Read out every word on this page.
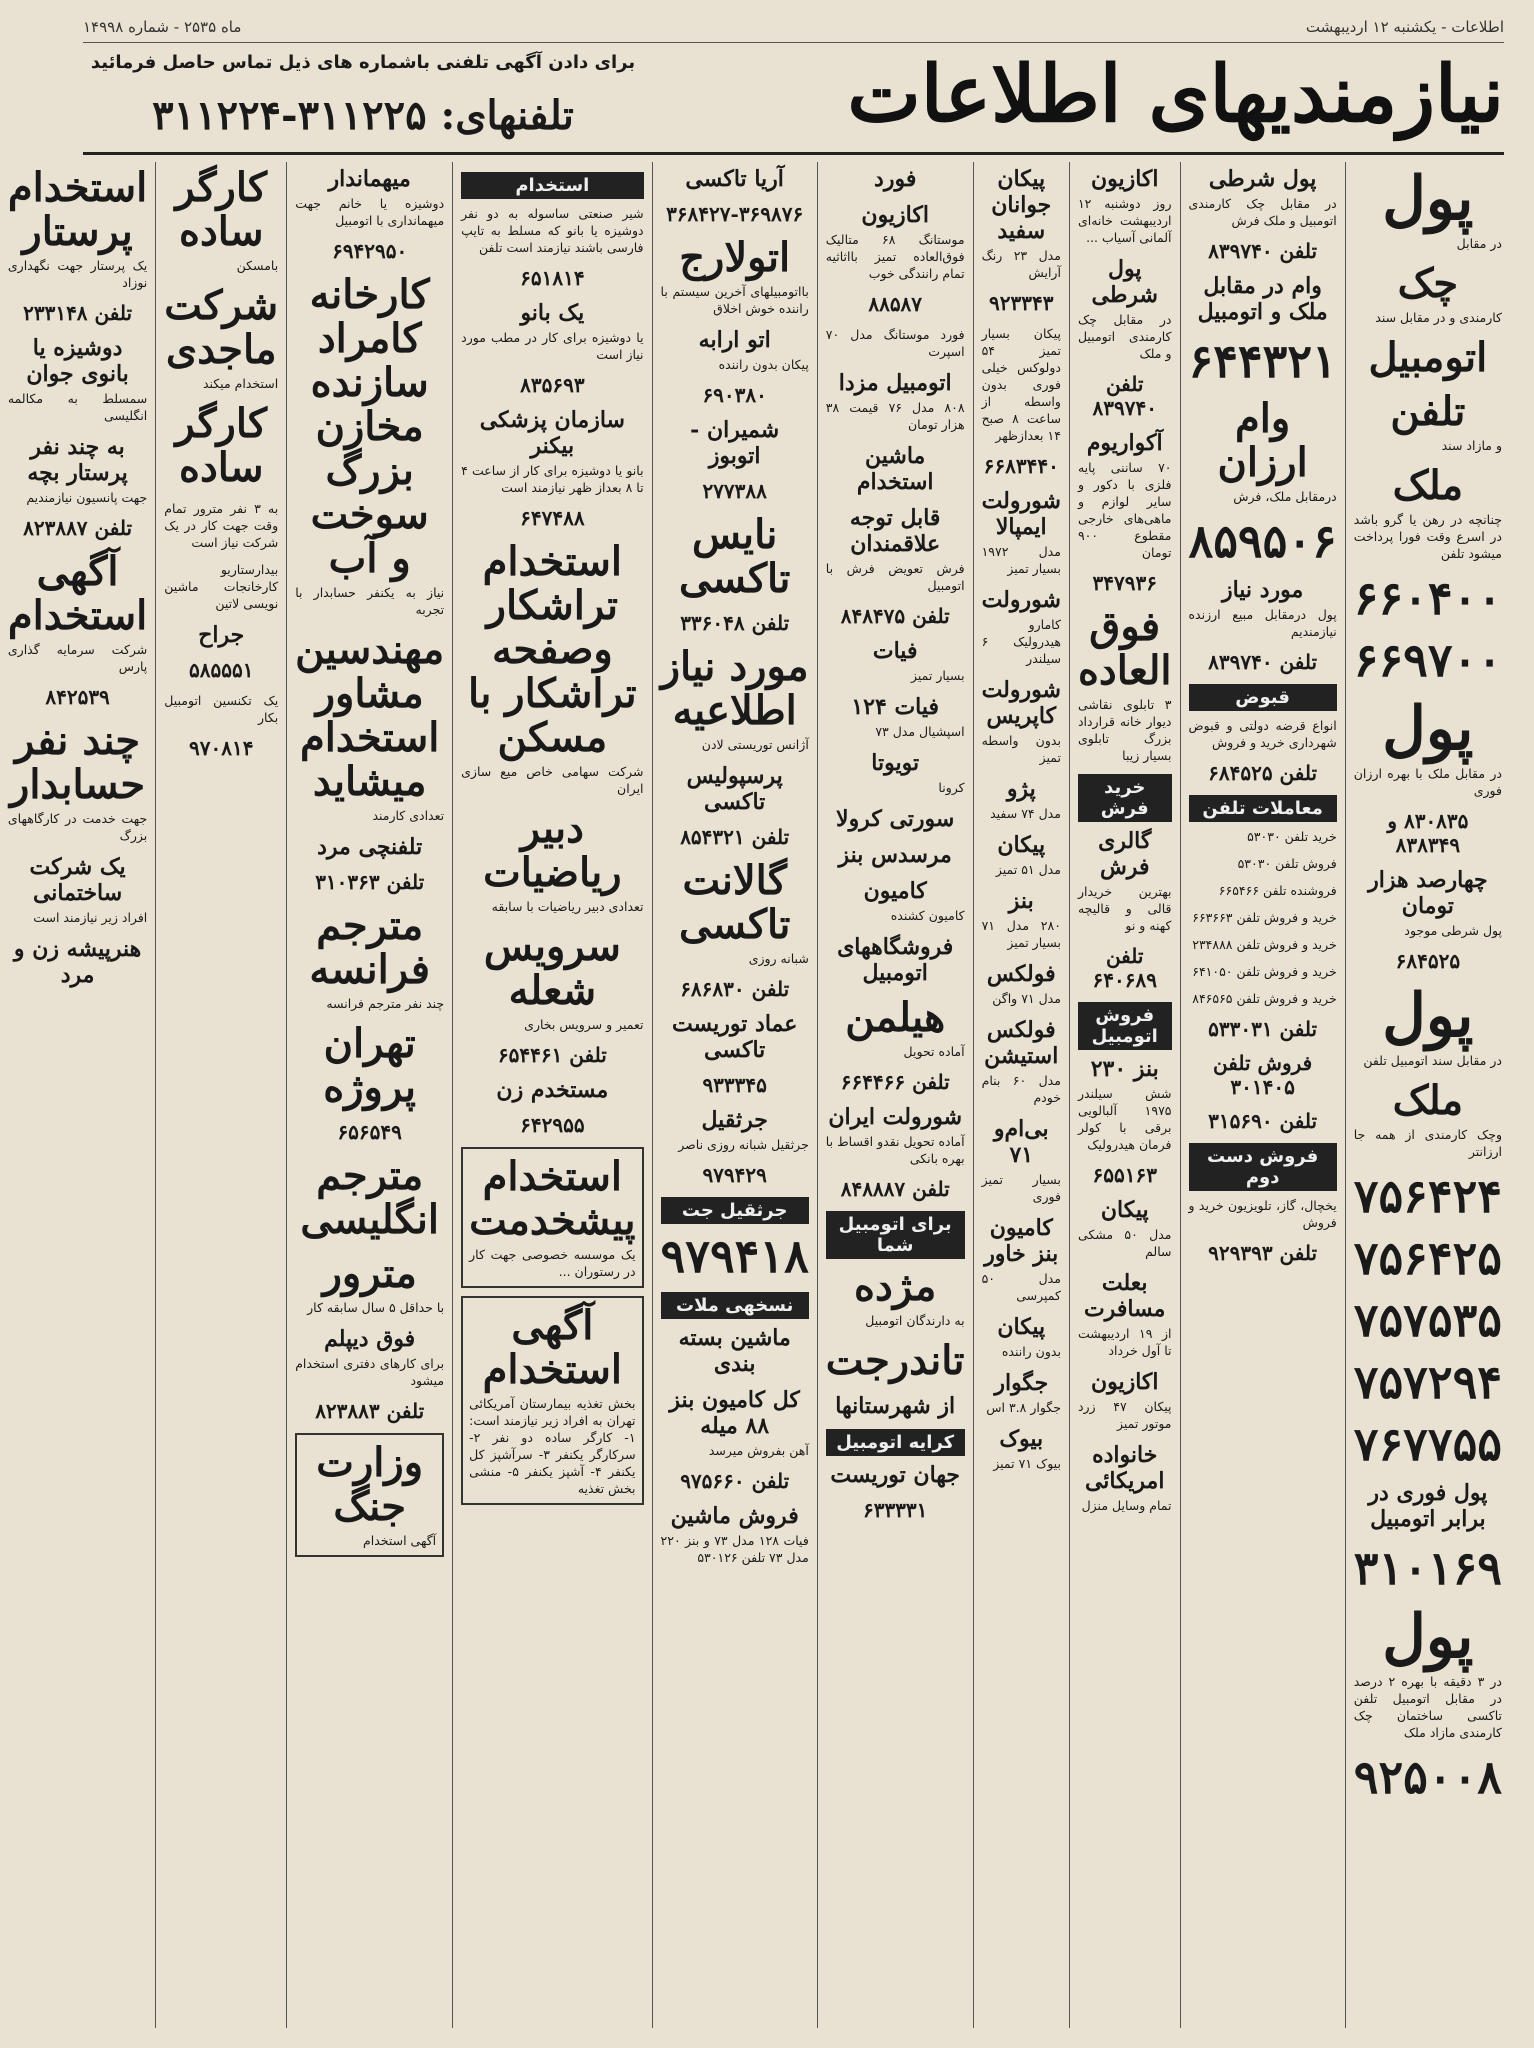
اطلاعات - یکشنبه ۱۲ اردیبهشت
ماه ۲۵۳۵ - شماره ۱۴۹۹۸
نیازمندیهای اطلاعات
برای دادن آگهی تلفنی باشماره های ذیل تماس حاصل فرمائید
تلفنهای: ۳۱۱۲۲۵-۳۱۱۲۲۴
پول

در مقابل

چک

کارمندی و در مقابل سند

اتومبیل
تلفن

و مازاد سند

ملک

چنانچه در رهن یا گرو باشد در اسرع وقت فورا پرداخت میشود تلفن

۶۶۰۴۰۰
۶۶۹۷۰۰
پول

در مقابل ملک با بهره ارزان فوری

۸۳۰۸۳۵ و ۸۳۸۳۴۹
چهارصد هزار تومان

پول شرطی موجود

۶۸۴۵۲۵
پول

در مقابل سند اتومبیل تلفن

ملک

وچک کارمندی از همه جا ارزانتر

۷۵۶۴۲۴
۷۵۶۴۲۵
۷۵۷۵۳۵
۷۵۷۲۹۴
۷۶۷۷۵۵
پول فوری در برابر اتومبیل
۳۱۰۱۶۹
پول

در ۳ دقیقه با بهره ۲ درصد در مقابل اتومبیل تلفن تاکسی ساختمان چک کارمندی مازاد ملک

۹۲۵۰۰۸
پول شرطی

در مقابل چک کارمندی اتومبیل و ملک فرش

تلفن ۸۳۹۷۴۰
وام در مقابل ملک و اتومبیل
۶۴۴۳۲۱
وام ارزان

درمقابل ملک، فرش

۸۵۹۵۰۶
مورد نیاز

پول درمقابل مبیع ارزنده نیازمندیم

تلفن ۸۳۹۷۴۰
قبوض

انواع قرضه دولتی و قبوض شهرداری خرید و فروش

تلفن ۶۸۴۵۲۵
معاملات تلفن

خرید تلفن ۵۳۰۳۰

فروش تلفن ۵۳۰۳۰

فروشنده تلفن ۶۶۵۴۶۶

خرید و فروش تلفن ۶۶۳۶۶۳

خرید و فروش تلفن ۲۳۴۸۸۸

خرید و فروش تلفن ۶۴۱۰۵۰

خرید و فروش تلفن ۸۴۶۵۶۵

تلفن ۵۳۳۰۳۱
فروش تلفن ۳۰۱۴۰۵
تلفن ۳۱۵۶۹۰
فروش دست دوم

یخچال، گاز، تلویزیون خرید و فروش

تلفن ۹۲۹۳۹۳
اکازیون

روز دوشنبه ۱۲ اردیبهشت خانه‌ای آلمانی آسیاب ...

پول شرطی

در مقابل چک کارمندی اتومبیل و ملک

تلفن ۸۳۹۷۴۰
آکواریوم

۷۰ ساننی پایه فلزی با دکور و سایر لوازم و ماهی‌های خارجی مقطوع ۹۰۰ تومان

۳۴۷۹۳۶
فوق العاده

۳ تابلوی نقاشی دیوار خانه قرارداد بزرگ تابلوی بسیار زیبا

خرید فرش
گالری فرش

بهترین خریدار قالی و قالیچه کهنه و نو

تلفن ۶۴۰۶۸۹
فروش اتومبیل
بنز ۲۳۰

شش سیلندر ۱۹۷۵ آلبالویی برقی با کولر فرمان هیدرولیک

۶۵۵۱۶۳
پیکان

مدل ۵۰ مشکی سالم

بعلت مسافرت

از ۱۹ اردیبهشت تا آول خرداد

اکازیون

پیکان ۴۷ زرد موتور تمیز

خانواده امریکائی

تمام وسایل منزل

پیکان جوانان سفید

مدل ۲۳ رنگ آرایش

۹۲۳۳۴۳

پیکان بسیار تمیز ۵۴ دولوکس خیلی فوری بدون واسطه از ساعت ۸ صبح ۱۴ بعدازظهر

۶۶۸۳۴۴۰
شورولت ایمپالا

مدل ۱۹۷۲ بسیار تمیز

شورولت

کامارو هیدرولیک ۶ سیلندر

شورولت کاپریس

بدون واسطه تمیز

پژو

مدل ۷۴ سفید

پیکان

مدل ۵۱ تمیز

بنز

۲۸۰ مدل ۷۱ بسیار تمیز

فولکس

مدل ۷۱ واگن

فولکس استیشن

مدل ۶۰ بنام خودم

بی‌ام‌و ۷۱

بسیار تمیز فوری

کامیون بنز خاور

مدل ۵۰ کمپرسی

پیکان

بدون راننده

جگوار

جگوار ۳.۸ اس

بیوک

بیوک ۷۱ تمیز

فورد
اکازیون

موستانگ ۶۸ متالیک فوق‌العاده تمیز بااثاثیه تمام رانندگی خوب

۸۸۵۸۷

فورد موستانگ مدل ۷۰ اسپرت

اتومبیل مزدا

۸۰۸ مدل ۷۶ قیمت ۳۸ هزار تومان

ماشین استخدام
قابل توجه علاقمندان

فرش تعویض فرش با اتومبیل

تلفن ۸۴۸۴۷۵
فیات

بسیار تمیز

فیات ۱۲۴

اسپشیال مدل ۷۳

تویوتا

کرونا

سورتی کرولا
مرسدس بنز
کامیون

کامیون کشنده

فروشگاههای اتومبیل
هیلمن

آماده تحویل

تلفن ۶۶۴۴۶۶
شورولت ایران

آماده تحویل نقدو اقساط با بهره بانکی

تلفن ۸۴۸۸۸۷
برای اتومبیل شما
مژده

به دارندگان اتومبیل

تاندرجت
از شهرستانها
کرایه اتومبیل
جهان توریست
۶۳۳۳۳۱
آریا تاکسی
۳۶۸۴۲۷-۳۶۹۸۷۶
اتولارج

بااتومبیلهای آخرین سیستم با راننده خوش اخلاق

اتو ارابه

پیکان بدون راننده

۶۹۰۳۸۰
شمیران - اتوبوز
۲۷۷۳۸۸
نایس تاکسی
تلفن ۳۳۶۰۴۸
مورد نیاز اطلاعیه

آژانس توریستی لادن

پرسپولیس تاکسی
تلفن ۸۵۴۳۲۱
گالانت تاکسی

شبانه روزی

تلفن ۶۸۶۸۳۰
عماد توریست تاکسی
۹۳۳۳۴۵
جرثقیل

جرثقیل شبانه روزی ناصر

۹۷۹۴۲۹
جرثقیل جت
۹۷۹۴۱۸
نسخهی ملات
ماشین بسته بندی
کل کامیون بنز ۸۸ میله

آهن بفروش میرسد

تلفن ۹۷۵۶۶۰
فروش ماشین

فیات ۱۲۸ مدل ۷۳ و بنز ۲۲۰ مدل ۷۳ تلفن ۵۳۰۱۲۶

استخدام

شیر صنعتی ساسوله به دو نفر دوشیزه یا بانو که مسلط به تایپ فارسی باشند نیازمند است تلفن

۶۵۱۸۱۴
یک بانو

یا دوشیزه برای کار در مطب مورد نیاز است

۸۳۵۶۹۳
سازمان پزشکی بیکنر

بانو یا دوشیزه برای کار از ساعت ۴ تا ۸ بعداز ظهر نیازمند است

۶۴۷۴۸۸
استخدام تراشکار وصفحه تراشکار با مسکن

شرکت سهامی خاص میع سازی ایران

دبیر ریاضیات

تعدادی دبیر ریاضیات با سابقه

سرویس شعله

تعمیر و سرویس بخاری

تلفن ۶۵۴۴۶۱
مستخدم زن
۶۴۲۹۵۵
استخدام پیشخدمت

یک موسسه خصوصی جهت کار در رستوران ...

آگهی استخدام

بخش تغذیه بیمارستان آمریکائی تهران به افراد زیر نیازمند است: ۱- کارگر ساده دو نفر ۲- سرکارگر یکنفر ۳- سرآشپز کل یکنفر ۴- آشپز یکنفر ۵- منشی بخش تغذیه

میهماندار

دوشیزه یا خانم جهت میهمانداری با اتومبیل

۶۹۴۲۹۵۰
کارخانه کامراد سازنده مخازن بزرگ سوخت و آب

نیاز به یکنفر حسابدار با تجربه

مهندسین مشاور استخدام میشاید

تعدادی کارمند

تلفنچی مرد
تلفن ۳۱۰۳۶۳
مترجم فرانسه

چند نفر مترجم فرانسه

تهران پروژه
۶۵۶۵۴۹
مترجم انگلیسی
مترور

با حداقل ۵ سال سابقه کار

فوق دیپلم

برای کارهای دفتری استخدام میشود

تلفن ۸۲۳۸۸۳
وزارت جنگ

آگهی استخدام

کارگر ساده

بامسکن

شرکت ماجدی

استخدام میکند

کارگر ساده

به ۳ نفر مترور تمام وقت جهت کار در یک شرکت نیاز است

بیدارستاریو کارخانجات ماشین نویسی لاتین

جراح
۵۸۵۵۵۱

یک تکنسین اتومبیل بکار

۹۷۰۸۱۴
استخدام پرستار

یک پرستار جهت نگهداری نوزاد

تلفن ۲۳۳۱۴۸
دوشیزه یا بانوی جوان

سمسلط به مکالمه انگلیسی

به چند نفر پرستار بچه

جهت پانسیون نیازمندیم

تلفن ۸۲۳۸۸۷
آگهی استخدام

شرکت سرمایه گذاری پارس

۸۴۲۵۳۹
چند نفر حسابدار

جهت خدمت در کارگاههای بزرگ

یک شرکت ساختمانی

افراد زیر نیازمند است

هنرپیشه زن و مرد
